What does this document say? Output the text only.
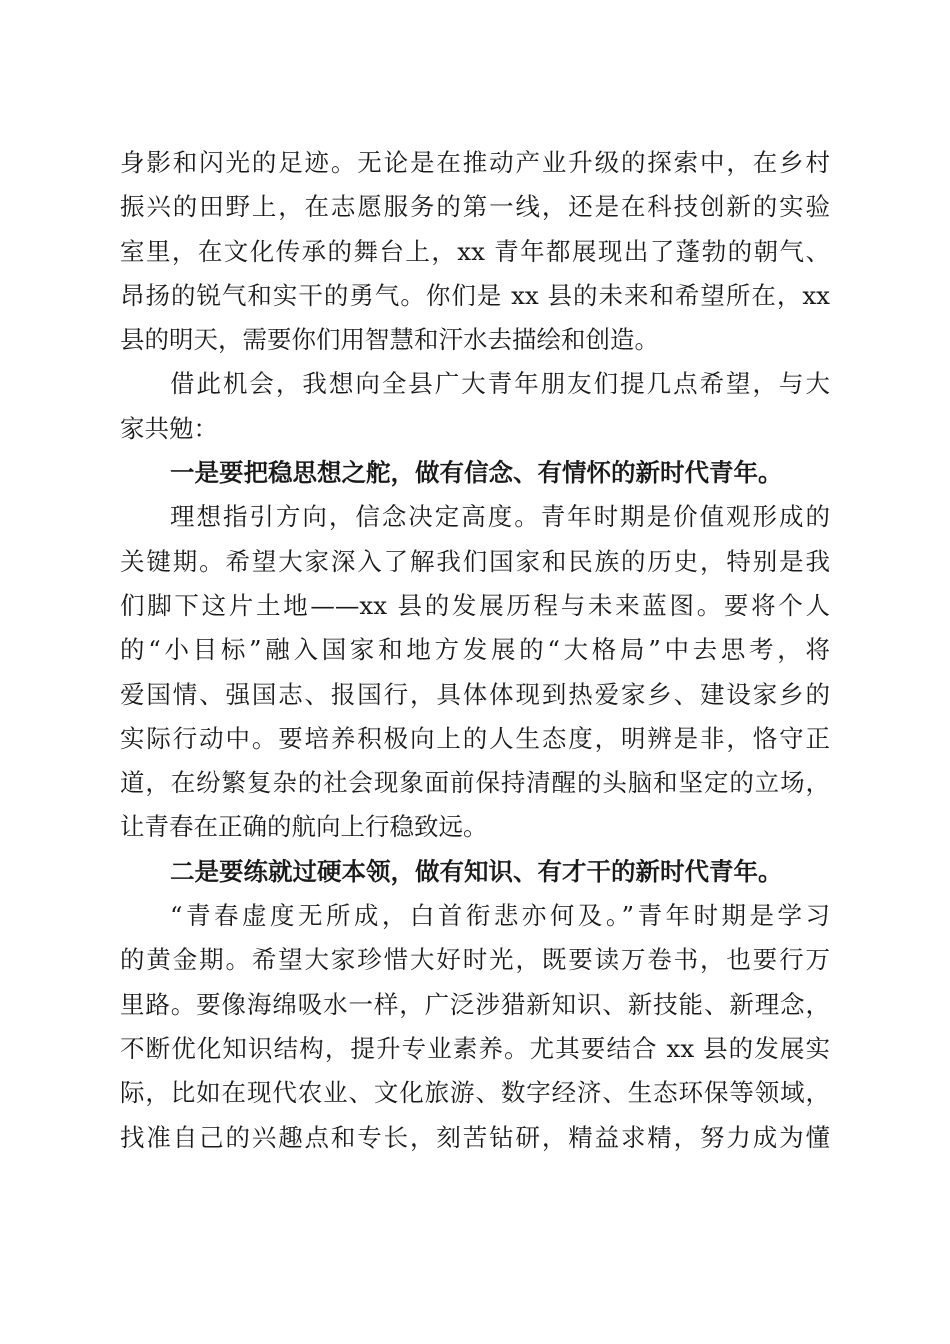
身影和闪光的足迹。无论是在推动产业升级的探索中，在乡村
振兴的田野上，在志愿服务的第一线，还是在科技创新的实验
室里，在文化传承的舞台上，xx 青年都展现出了蓬勃的朝气、
昂扬的锐气和实干的勇气。你们是 xx 县的未来和希望所在，xx
县的明天，需要你们用智慧和汗水去描绘和创造。
借此机会，我想向全县广大青年朋友们提几点希望，与大
家共勉：
一是要把稳思想之舵，做有信念、有情怀的新时代青年。
理想指引方向，信念决定高度。青年时期是价值观形成的
关键期。希望大家深入了解我们国家和民族的历史，特别是我
们脚下这片土地——xx 县的发展历程与未来蓝图。要将个人
的“小目标”融入国家和地方发展的“大格局”中去思考，将
爱国情、强国志、报国行，具体体现到热爱家乡、建设家乡的
实际行动中。要培养积极向上的人生态度，明辨是非，恪守正
道，在纷繁复杂的社会现象面前保持清醒的头脑和坚定的立场，
让青春在正确的航向上行稳致远。
二是要练就过硬本领，做有知识、有才干的新时代青年。
“青春虚度无所成，白首衔悲亦何及。”青年时期是学习
的黄金期。希望大家珍惜大好时光，既要读万卷书，也要行万
里路。要像海绵吸水一样，广泛涉猎新知识、新技能、新理念，
不断优化知识结构，提升专业素养。尤其要结合 xx 县的发展实
际，比如在现代农业、文化旅游、数字经济、生态环保等领域，
找准自己的兴趣点和专长，刻苦钻研，精益求精，努力成为懂
